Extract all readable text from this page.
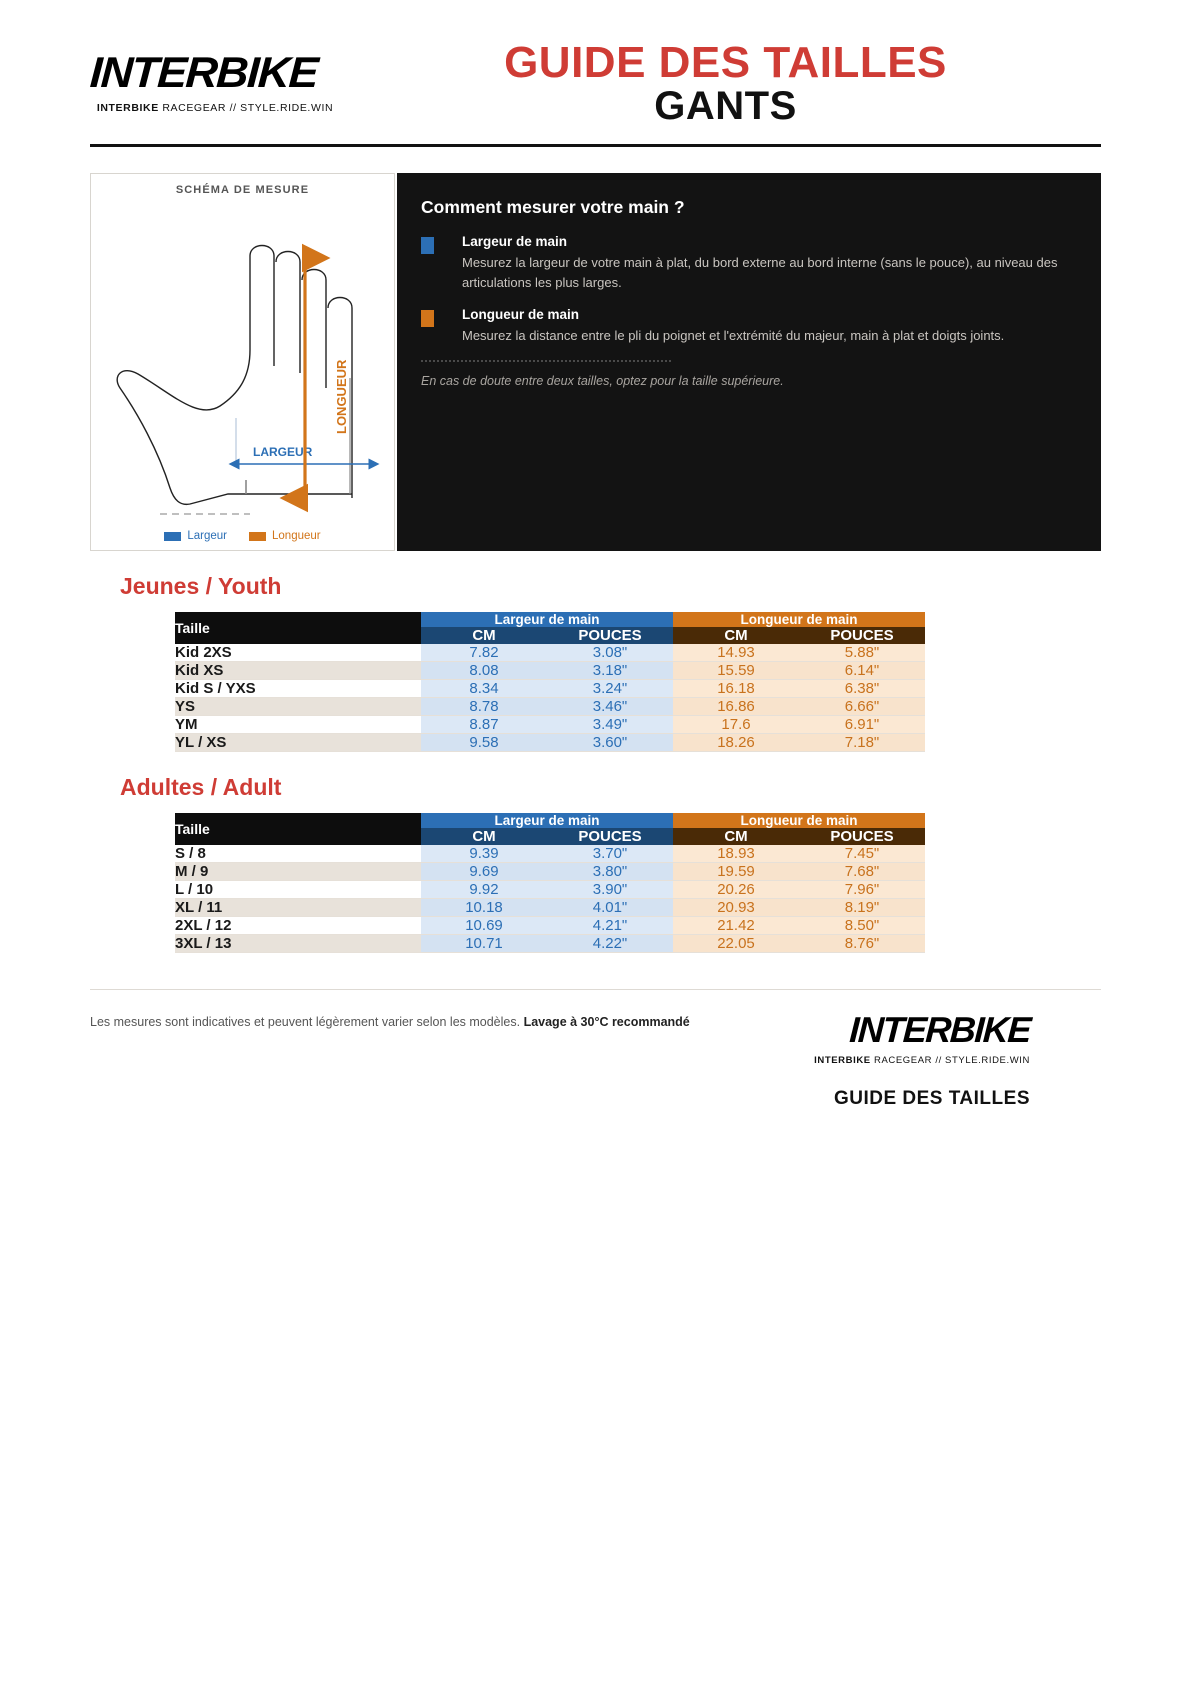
INTERBIKE
INTERBIKE RACEGEAR // STYLE.RIDE.WIN
GUIDE DES TAILLES
GANTS
SCHÉMA DE MESURE
LARGEUR
LONGUEUR
Largeur	Longueur
Comment mesurer votre main ?
Largeur de main
Mesurez la largeur de votre main à plat, du bord externe au bord interne (sans le pouce), au niveau des articulations les plus larges.
Longueur de main
Mesurez la distance entre le pli du poignet et l'extrémité du majeur, main à plat et doigts joints.
En cas de doute entre deux tailles, optez pour la taille supérieure.
Jeunes / Youth
Taille	Largeur de main		Longueur de main	
	CM	POUCES	CM	POUCES
Kid 2XS	7.82	3.08"	14.93	5.88"
Kid XS	8.08	3.18"	15.59	6.14"
Kid S / YXS	8.34	3.24"	16.18	6.38"
YS	8.78	3.46"	16.86	6.66"
YM	8.87	3.49"	17.6	6.91"
YL / XS	9.58	3.60"	18.26	7.18"
Adultes / Adult
Taille	Largeur de main		Longueur de main	
	CM	POUCES	CM	POUCES
S / 8	9.39	3.70"	18.93	7.45"
M / 9	9.69	3.80"	19.59	7.68"
L / 10	9.92	3.90"	20.26	7.96"
XL / 11	10.18	4.01"	20.93	8.19"
2XL / 12	10.69	4.21"	21.42	8.50"
3XL / 13	10.71	4.22"	22.05	8.76"
Les mesures sont indicatives et peuvent légèrement varier selon les modèles. Lavage à 30°C recommandé	INTERBIKE
INTERBIKE RACEGEAR // STYLE.RIDE.WIN
GUIDE DES TAILLES
